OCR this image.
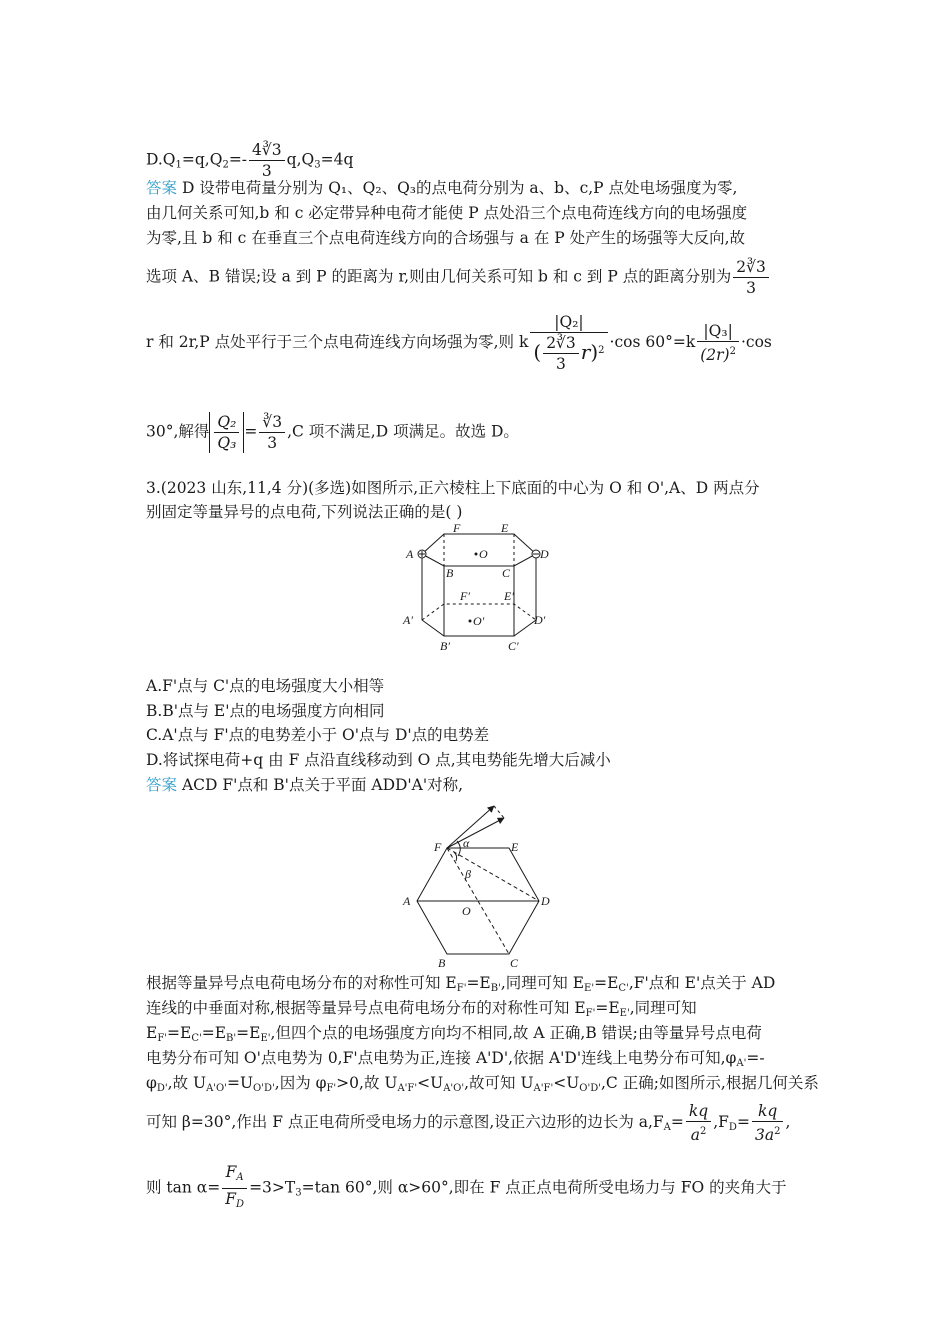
$D.Q1=q,Q2=- \frac{4∛3}{3} q,Q3=4q$
答案 D 设带电荷量分别为 Q₁、Q₂、Q₃的点电荷分别为 a、b、c,P 点处电场强度为零,
由几何关系可知,b 和 c 必定带异种电荷才能使 P 点处沿三个点电荷连线方向的电场强度
为零,且 b 和 c 在垂直三个点电荷连线方向的合场强与 a 在 P 处产生的场强等大反向,故
选项 A、B 错误;设 a 到 P 的距离为 r,则由几何关系可知 b 和 c 到 P 点的距离分别为 $\frac{2∛3}{3}$
r 和 2r,P 点处平行于三个点电荷连线方向场强为零,则 k $\frac{\text{|Q₂|}}{( \frac{2∛3}{3} r)^2} \cdot\cos$ $60^\circ=k \frac{\text{|Q₃|}}{(2r)^2} \cdot\cos$
30°,解得 $\frac{\text{Q₂}}{\text{Q₃}} = \frac{∛3}{3} ,C$ 项不满足,D 项满足。故选 D。
3.(2023 山东,11,4 分)(多选)如图所示,正六棱柱上下底面的中心为 O 和 O',A、D 两点分
别固定等量异号的点电荷,下列说法正确的是( )
A	D
F	E
O
B	C
F′	E′
A′	O′	D′
B′	C′
A.F'点与 C'点的电场强度大小相等
B.B'点与 E'点的电场强度方向相同
C.A'点与 F'点的电势差小于 O'点与 D'点的电势差
D.将试探电荷+q 由 F 点沿直线移动到 O 点,其电势能先增大后减小
答案 ACD F'点和 B'点关于平面 ADD'A'对称,
F	E
A	D
O
B	C
α
β
根据等量异号点电荷电场分布的对称性可知 EF'=EB',同理可知 EE'=EC',F'点和 E'点关于 AD
连线的中垂面对称,根据等量异号点电荷电场分布的对称性可知 EF'=EE',同理可知
EF'=EC'=EB'=EE',但四个点的电场强度方向均不相同,故 A 正确,B 错误;由等量异号点电荷
电势分布可知 O'点电势为 0,F'点电势为正,连接 A'D',依据 A'D'连线上电势分布可知,φA'=-
φD',故 UA'O'=UO'D',因为 φF'>0,故 UA'F'<UA'O',故可知 UA'F'<UO'D',C 正确;如图所示,根据几何关系
可知 β=30°,作出 F 点正电荷所受电场力的示意图,设正六边形的边长为 $a,FA= \frac{kq}{a^2} ,FD= \frac{kq}{3a^2}$ ,
则 $\tan \alpha= \frac{FA}{FD} =3>T3=\tan$ 60°,则 α>60°,即在 F 点正点电荷所受电场力与 FO 的夹角大于
